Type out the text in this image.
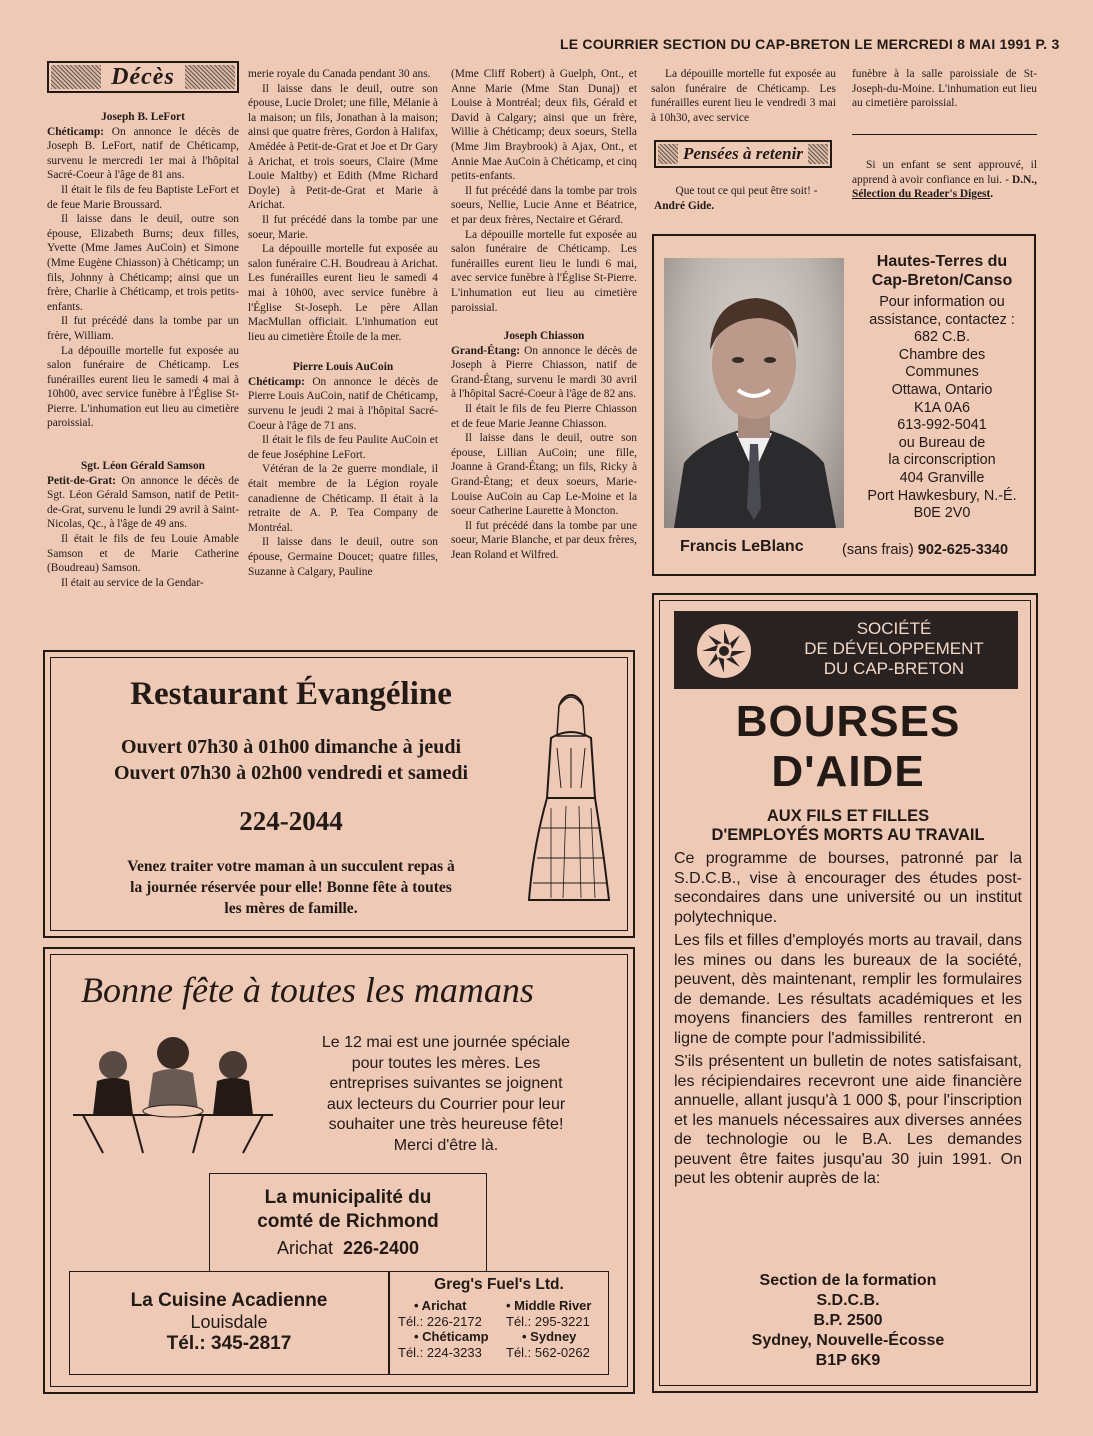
LE COURRIER SECTION DU CAP-BRETON LE MERCREDI 8 MAI 1991 P. 3
Décès

Joseph B. LeFort

Chéticamp: On annonce le décès de Joseph B. LeFort, natif de Chéticamp, survenu le mercredi 1er mai à l'hôpital Sacré-Coeur à l'âge de 81 ans.

Il était le fils de feu Baptiste LeFort et de feue Marie Broussard.

Il laisse dans le deuil, outre son épouse, Elizabeth Burns; deux filles, Yvette (Mme James AuCoin) et Simone (Mme Eugène Chiasson) à Chéticamp; un fils, Johnny à Chéticamp; ainsi que un frère, Charlie à Chéticamp, et trois petits-enfants.

Il fut précédé dans la tombe par un frère, William.

La dépouille mortelle fut exposée au salon funéraire de Chéticamp. Les funérailles eurent lieu le samedi 4 mai à 10h00, avec service funèbre à l'Église St-Pierre. L'inhumation eut lieu au cimetière paroissial.

Sgt. Léon Gérald Samson

Petit-de-Grat: On annonce le décès de Sgt. Léon Gérald Samson, natif de Petit-de-Grat, survenu le lundi 29 avril à Saint-Nicolas, Qc., à l'âge de 49 ans.

Il était le fils de feu Louie Amable Samson et de Marie Catherine (Boudreau) Samson.

Il était au service de la Gendar-

merie royale du Canada pendant 30 ans.

Il laisse dans le deuil, outre son épouse, Lucie Drolet; une fille, Mélanie à la maison; un fils, Jonathan à la maison; ainsi que quatre frères, Gordon à Halifax, Amédée à Petit-de-Grat et Joe et Dr Gary à Arichat, et trois soeurs, Claire (Mme Louie Maltby) et Edith (Mme Richard Doyle) à Petit-de-Grat et Marie à Arichat.

Il fut précédé dans la tombe par une soeur, Marie.

La dépouille mortelle fut exposée au salon funéraire C.H. Boudreau à Arichat. Les funérailles eurent lieu le samedi 4 mai à 10h00, avec service funèbre à l'Église St-Joseph. Le père Allan MacMullan officiait. L'inhumation eut lieu au cimetière Étoile de la mer.

Pierre Louis AuCoin

Chéticamp: On annonce le décès de Pierre Louis AuCoin, natif de Chéticamp, survenu le jeudi 2 mai à l'hôpital Sacré-Coeur à l'âge de 71 ans.

Il était le fils de feu Paulite AuCoin et de feue Joséphine LeFort.

Vétéran de la 2e guerre mondiale, il était membre de la Légion royale canadienne de Chéticamp. Il était à la retraite de A. P. Tea Company de Montréal.

Il laisse dans le deuil, outre son épouse, Germaine Doucet; quatre filles, Suzanne à Calgary, Pauline

(Mme Cliff Robert) à Guelph, Ont., et Anne Marie (Mme Stan Dunaj) et Louise à Montréal; deux fils, Gérald et David à Calgary; ainsi que un frère, Willie à Chéticamp; deux soeurs, Stella (Mme Jim Braybrook) à Ajax, Ont., et Annie Mae AuCoin à Chéticamp, et cinq petits-enfants.

Il fut précédé dans la tombe par trois soeurs, Nellie, Lucie Anne et Béatrice, et par deux frères, Nectaire et Gérard.

La dépouille mortelle fut exposée au salon funéraire de Chéticamp. Les funérailles eurent lieu le lundi 6 mai, avec service funèbre à l'Église St-Pierre. L'inhumation eut lieu au cimetière paroissial.

Joseph Chiasson

Grand-Étang: On annonce le décès de Joseph à Pierre Chiasson, natif de Grand-Étang, survenu le mardi 30 avril à l'hôpital Sacré-Coeur à l'âge de 82 ans.

Il était le fils de feu Pierre Chiasson et de feue Marie Jeanne Chiasson.

Il laisse dans le deuil, outre son épouse, Lillian AuCoin; une fille, Joanne à Grand-Étang; un fils, Ricky à Grand-Étang; et deux soeurs, Marie-Louise AuCoin au Cap Le-Moine et la soeur Catherine Laurette à Moncton.

Il fut précédé dans la tombe par une soeur, Marie Blanche, et par deux frères, Jean Roland et Wilfred.

La dépouille mortelle fut exposée au salon funéraire de Chéticamp. Les funérailles eurent lieu le vendredi 3 mai à 10h30, avec service

funèbre à la salle paroissiale de St-Joseph-du-Moine. L'inhumation eut lieu au cimetière paroissial.

Pensées à retenir
Que tout ce qui peut être soit! -
André Gide.

Si un enfant se sent approuvé, il apprend à avoir confiance en lui. - D.N., Sélection du Reader's Digest.

Hautes-Terres du
Cap-Breton/Canso
Pour information ou
assistance, contactez :
682 C.B.
Chambre des
Communes
Ottawa, Ontario
K1A 0A6
613-992-5041
ou Bureau de
la circonscription
404 Granville
Port Hawkesbury, N.-É.
B0E 2V0
Francis LeBlanc	(sans frais) 902-625-3340
Restaurant Évangéline
Ouvert 07h30 à 01h00 dimanche à jeudi
Ouvert 07h30 à 02h00 vendredi et samedi
224-2044
Venez traiter votre maman à un succulent repas à
la journée réservée pour elle! Bonne fête à toutes
les mères de famille.
Bonne fête à toutes les mamans
Le 12 mai est une journée spéciale
pour toutes les mères. Les
entreprises suivantes se joignent
aux lecteurs du Courrier pour leur
souhaiter une très heureuse fête!
Merci d'être là.
La municipalité du
comté de Richmond
Arichat 226-2400
La Cuisine Acadienne
Louisdale
Tél.: 345-2817
Greg's Fuel's Ltd.
• Arichat
Tél.: 226-2172
• Chéticamp
Tél.: 224-3233
• Middle River
Tél.: 295-3221
• Sydney
Tél.: 562-0262
SOCIÉTÉ
DE DÉVELOPPEMENT
DU CAP-BRETON
BOURSES
D'AIDE
AUX FILS ET FILLES
D'EMPLOYÉS MORTS AU TRAVAIL

Ce programme de bourses, patronné par la S.D.C.B., vise à encourager des études post-secondaires dans une université ou un institut polytechnique.

Les fils et filles d'employés morts au travail, dans les mines ou dans les bureaux de la société, peuvent, dès maintenant, remplir les formulaires de demande. Les résultats académiques et les moyens financiers des familles rentreront en ligne de compte pour l'admissibilité.

S'ils présentent un bulletin de notes satisfaisant, les récipiendaires recevront une aide financière annuelle, allant jusqu'à 1 000 $, pour l'inscription et les manuels nécessaires aux diverses années de technologie ou le B.A. Les demandes peuvent être faites jusqu'au 30 juin 1991. On peut les obtenir auprès de la:

Section de la formation
S.D.C.B.
B.P. 2500
Sydney, Nouvelle-Écosse
B1P 6K9
